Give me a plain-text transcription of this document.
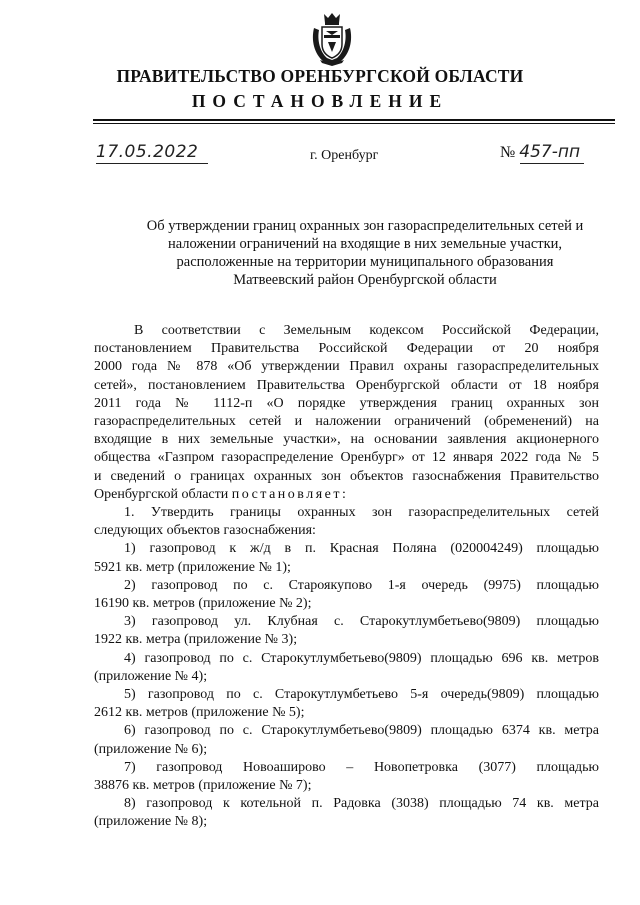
ПРАВИТЕЛЬСТВО ОРЕНБУРГСКОЙ ОБЛАСТИ
ПОСТАНОВЛЕНИЕ
17.05.2022	г. Оренбург	№ 457-пп
Об утверждении границ охранных зон газораспределительных сетей и
наложении ограничений на входящие в них земельные участки,
расположенные на территории муниципального образования
Матвеевский район Оренбургской области
В соответствии с Земельным кодексом Российской Федерации,
постановлением Правительства Российской Федерации от 20 ноября
2000 года № 878 «Об утверждении Правил охраны газораспределительных
сетей», постановлением Правительства Оренбургской области от 18 ноября
2011 года № 1112-п «О порядке утверждения границ охранных зон
газораспределительных сетей и наложении ограничений (обременений) на
входящие в них земельные участки», на основании заявления акционерного
общества «Газпром газораспределение Оренбург» от 12 января 2022 года № 5
и сведений о границах охранных зон объектов газоснабжения Правительство
Оренбургской области постановляет:
1. Утвердить границы охранных зон газораспределительных сетей
следующих объектов газоснабжения:
1) газопровод к ж/д в п. Красная Поляна (020004249) площадью
5921 кв. метр (приложение № 1);
2) газопровод по с. Староякупово 1-я очередь (9975) площадью
16190 кв. метров (приложение № 2);
3) газопровод ул. Клубная с. Старокутлумбетьево(9809) площадью
1922 кв. метра (приложение № 3);
4) газопровод по с. Старокутлумбетьево(9809) площадью 696 кв. метров
(приложение № 4);
5) газопровод по с. Старокутлумбетьево 5-я очередь(9809) площадью
2612 кв. метров (приложение № 5);
6) газопровод по с. Старокутлумбетьево(9809) площадью 6374 кв. метра
(приложение № 6);
7) газопровод Новоаширово – Новопетровка (3077) площадью
38876 кв. метров (приложение № 7);
8) газопровод к котельной п. Радовка (3038) площадью 74 кв. метра
(приложение № 8);
